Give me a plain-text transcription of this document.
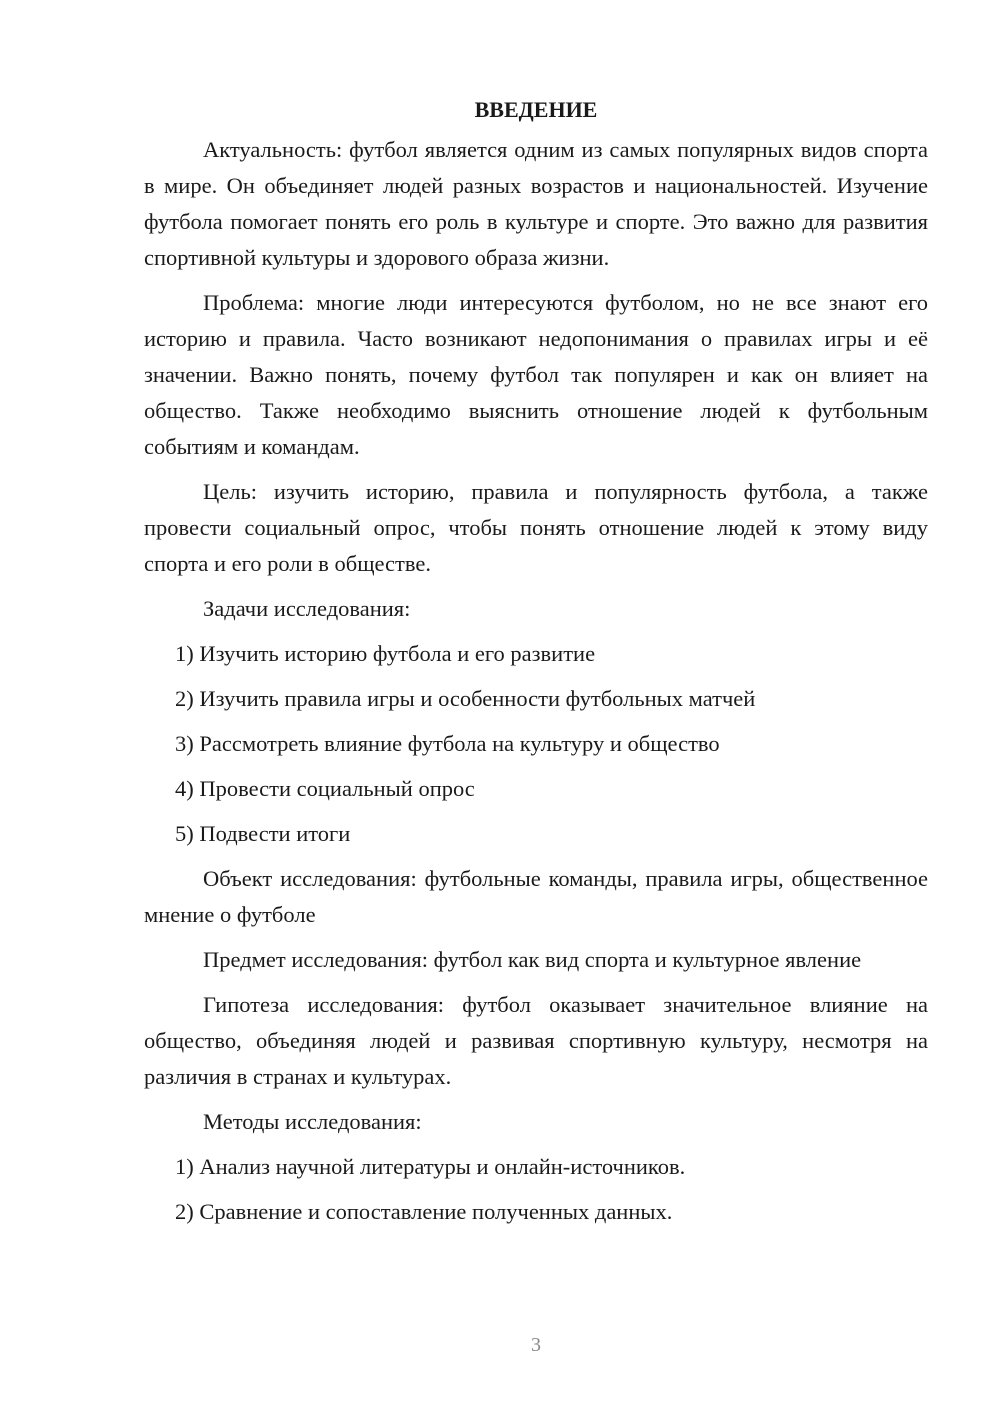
ВВЕДЕНИЕ

Актуальность: футбол является одним из самых популярных видов спорта в мире. Он объединяет людей разных возрастов и национальностей. Изучение футбола помогает понять его роль в культуре и спорте. Это важно для развития спортивной культуры и здорового образа жизни.

Проблема: многие люди интересуются футболом, но не все знают его историю и правила. Часто возникают недопонимания о правилах игры и её значении. Важно понять, почему футбол так популярен и как он влияет на общество. Также необходимо выяснить отношение людей к футбольным событиям и командам.

Цель: изучить историю, правила и популярность футбола, а также провести социальный опрос, чтобы понять отношение людей к этому виду спорта и его роли в обществе.

Задачи исследования:

1) Изучить историю футбола и его развитие

2) Изучить правила игры и особенности футбольных матчей

3) Рассмотреть влияние футбола на культуру и общество

4) Провести социальный опрос

5) Подвести итоги

Объект исследования: футбольные команды, правила игры, общественное мнение о футболе

Предмет исследования: футбол как вид спорта и культурное явление

Гипотеза исследования: футбол оказывает значительное влияние на общество, объединяя людей и развивая спортивную культуру, несмотря на различия в странах и культурах.

Методы исследования:

1) Анализ научной литературы и онлайн-источников.

2) Сравнение и сопоставление полученных данных.

3
